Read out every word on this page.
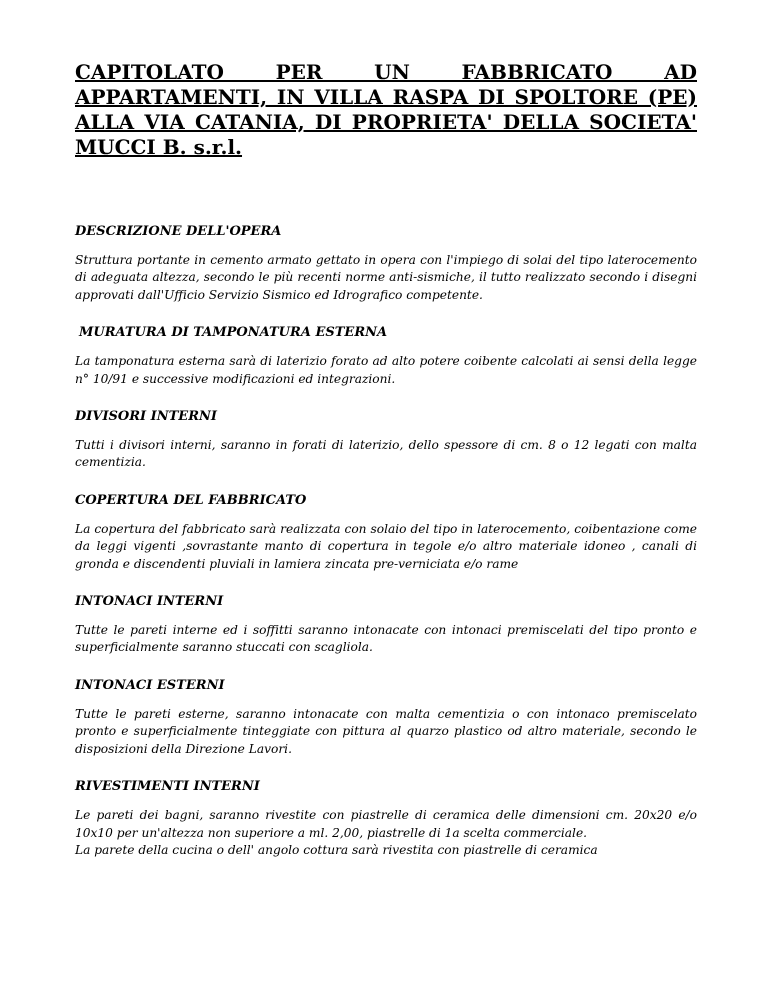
CAPITOLATO PER UN FABBRICATO AD
APPARTAMENTI, IN VILLA RASPA DI SPOLTORE (PE)
ALLA VIA CATANIA, DI PROPRIETA' DELLA SOCIETA'
MUCCI B. s.r.l.
DESCRIZIONE DELL'OPERA

Struttura portante in cemento armato gettato in opera con l'impiego di solai del tipo laterocemento di adeguata altezza, secondo le più recenti norme anti-sismiche, il tutto realizzato secondo i disegni approvati dall'Ufficio Servizio Sismico ed Idrografico competente.

MURATURA DI TAMPONATURA ESTERNA

La tamponatura esterna sarà di laterizio forato ad alto potere coibente calcolati ai sensi della legge n° 10/91 e successive modificazioni ed integrazioni.

DIVISORI INTERNI

Tutti i divisori interni, saranno in forati di laterizio, dello spessore di cm. 8 o 12 legati con malta cementizia.

COPERTURA DEL FABBRICATO

La copertura del fabbricato sarà realizzata con solaio del tipo in laterocemento, coibentazione come da leggi vigenti ,sovrastante manto di copertura in tegole e/o altro materiale idoneo , canali di gronda e discendenti pluviali in lamiera zincata pre-verniciata e/o rame

INTONACI INTERNI

Tutte le pareti interne ed i soffitti saranno intonacate con intonaci premiscelati del tipo pronto e superficialmente saranno stuccati con scagliola.

INTONACI ESTERNI

Tutte le pareti esterne, saranno intonacate con malta cementizia o con intonaco premiscelato pronto e superficialmente tinteggiate con pittura al quarzo plastico od altro materiale, secondo le disposizioni della Direzione Lavori.

RIVESTIMENTI INTERNI

Le pareti dei bagni, saranno rivestite con piastrelle di ceramica delle dimensioni cm. 20x20 e/o 10x10 per un'altezza non superiore a ml. 2,00, piastrelle di 1a scelta commerciale.

La parete della cucina o dell' angolo cottura sarà rivestita con piastrelle di ceramica
